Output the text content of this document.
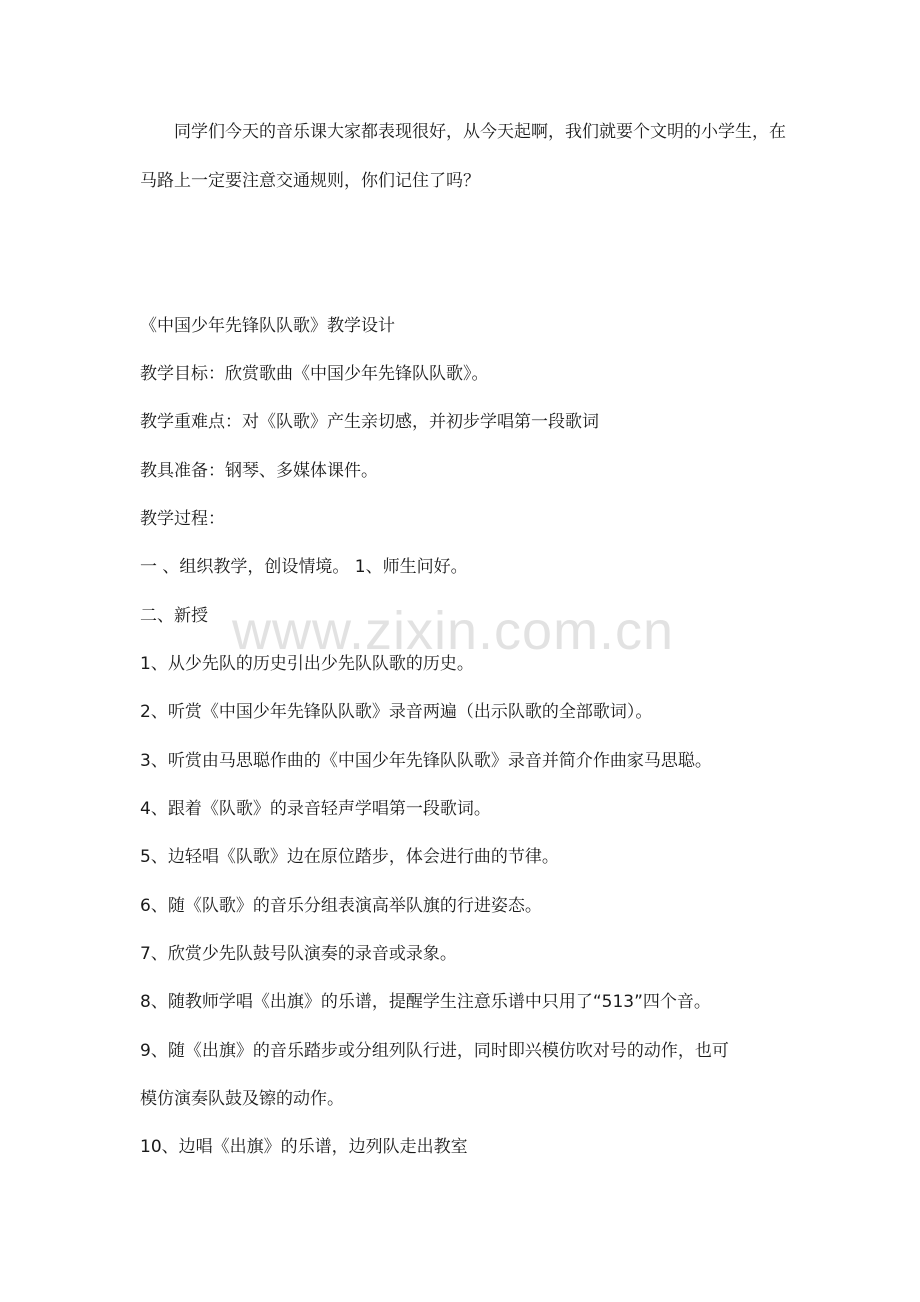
同学们今天的音乐课大家都表现很好，从今天起啊，我们就要个文明的小学生，在马路上一定要注意交通规则，你们记住了吗？

《中国少年先锋队队歌》教学设计

教学目标：欣赏歌曲《中国少年先锋队队歌》。

教学重难点：对《队歌》产生亲切感，并初步学唱第一段歌词

教具准备：钢琴、多媒体课件。

教学过程：

一 、组织教学，创设情境。 1、师生问好。

二、新授

1、从少先队的历史引出少先队队歌的历史。

2、听赏《中国少年先锋队队歌》录音两遍（出示队歌的全部歌词）。

3、听赏由马思聪作曲的《中国少年先锋队队歌》录音并简介作曲家马思聪。

4、跟着《队歌》的录音轻声学唱第一段歌词。

5、边轻唱《队歌》边在原位踏步，体会进行曲的节律。

6、随《队歌》的音乐分组表演高举队旗的行进姿态。

7、欣赏少先队鼓号队演奏的录音或录象。

8、随教师学唱《出旗》的乐谱，提醒学生注意乐谱中只用了“513”四个音。

9、随《出旗》的音乐踏步或分组列队行进，同时即兴模仿吹对号的动作，也可

模仿演奏队鼓及镲的动作。

10、边唱《出旗》的乐谱，边列队走出教室

www.zixin.com.cn
